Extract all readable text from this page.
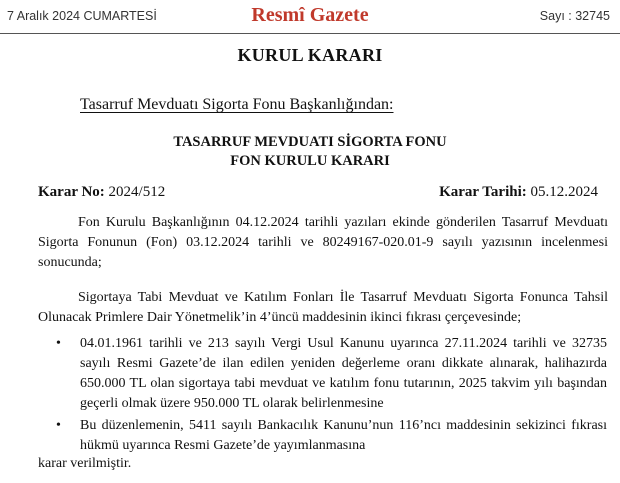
7 Aralık 2024 CUMARTESİ	Resmî Gazete	Sayı : 32745
KURUL KARARI
Tasarruf Mevduatı Sigorta Fonu Başkanlığından:
TASARRUF MEVDUATI SİGORTA FONU
FON KURULU KARARI
Karar No: 2024/512	Karar Tarihi: 05.12.2024
Fon Kurulu Başkanlığının 04.12.2024 tarihli yazıları ekinde gönderilen Tasarruf Mevduatı Sigorta Fonunun (Fon) 03.12.2024 tarihli ve 80249167-020.01-9 sayılı yazısının incelenmesi sonucunda;
Sigortaya Tabi Mevduat ve Katılım Fonları İle Tasarruf Mevduatı Sigorta Fonunca Tahsil Olunacak Primlere Dair Yönetmelik’in 4’üncü maddesinin ikinci fıkrası çerçevesinde;
•	04.01.1961 tarihli ve 213 sayılı Vergi Usul Kanunu uyarınca 27.11.2024 tarihli ve 32735 sayılı Resmi Gazete’de ilan edilen yeniden değerleme oranı dikkate alınarak, halihazırda 650.000 TL olan sigortaya tabi mevduat ve katılım fonu tutarının, 2025 takvim yılı başından geçerli olmak üzere 950.000 TL olarak belirlenmesine
•	Bu düzenlemenin, 5411 sayılı Bankacılık Kanunu’nun 116’ncı maddesinin sekizinci fıkrası hükmü uyarınca Resmi Gazete’de yayımlanmasına
karar verilmiştir.
